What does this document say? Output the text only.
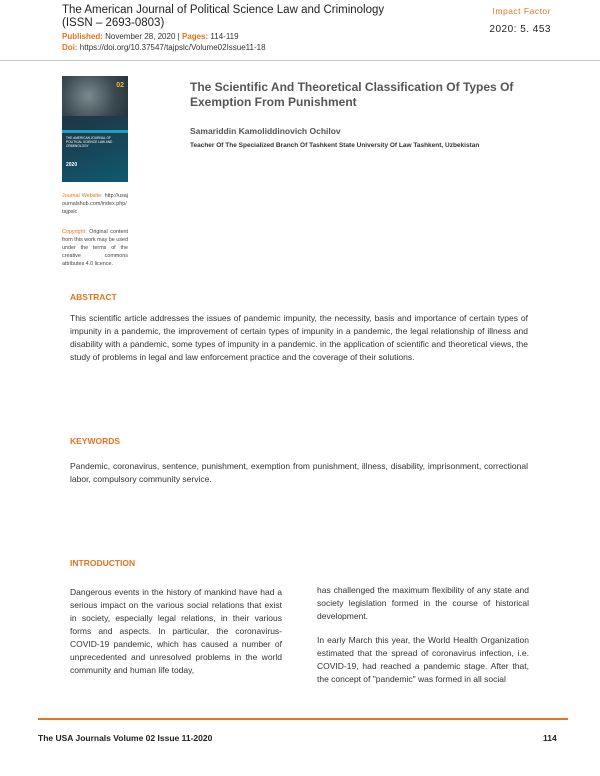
The American Journal of Political Science Law and Criminology
(ISSN – 2693-0803)
Published: November 28, 2020 | Pages: 114-119
Doi: https://doi.org/10.37547/tajpslc/Volume02Issue11-18
Impact Factor
2020: 5. 453
02
THE AMERICAN JOURNAL OF POLITICAL SCIENCE LAW AND CRIMINOLOGY
2020
Journal Website: http://usajournalshub.com/index.php/tajpslc
Copyright: Original content from this work may be used under the terms of the creative commons attributes 4.0 licence.
The Scientific And Theoretical Classification Of Types Of Exemption From Punishment
Samariddin Kamoliddinovich Ochilov
Teacher Of The Specialized Branch Of Tashkent State University Of Law Tashkent, Uzbekistan
ABSTRACT
This scientific article addresses the issues of pandemic impunity, the necessity, basis and importance of certain types of impunity in a pandemic, the improvement of certain types of impunity in a pandemic, the legal relationship of illness and disability with a pandemic, some types of impunity in a pandemic. in the application of scientific and theoretical views, the study of problems in legal and law enforcement practice and the coverage of their solutions.
KEYWORDS
Pandemic, coronavirus, sentence, punishment, exemption from punishment, illness, disability, imprisonment, correctional labor, compulsory community service.
INTRODUCTION
Dangerous events in the history of mankind have had a serious impact on the various social relations that exist in society, especially legal relations, in their various forms and aspects. In particular, the coronavirus-COVID-19 pandemic, which has caused a number of unprecedented and unresolved problems in the world community and human life today,
has challenged the maximum flexibility of any state and society legislation formed in the course of historical development.
In early March this year, the World Health Organization estimated that the spread of coronavirus infection, i.e. COVID-19, had reached a pandemic stage. After that, the concept of "pandemic" was formed in all social
The USA Journals Volume 02 Issue 11-2020	114
